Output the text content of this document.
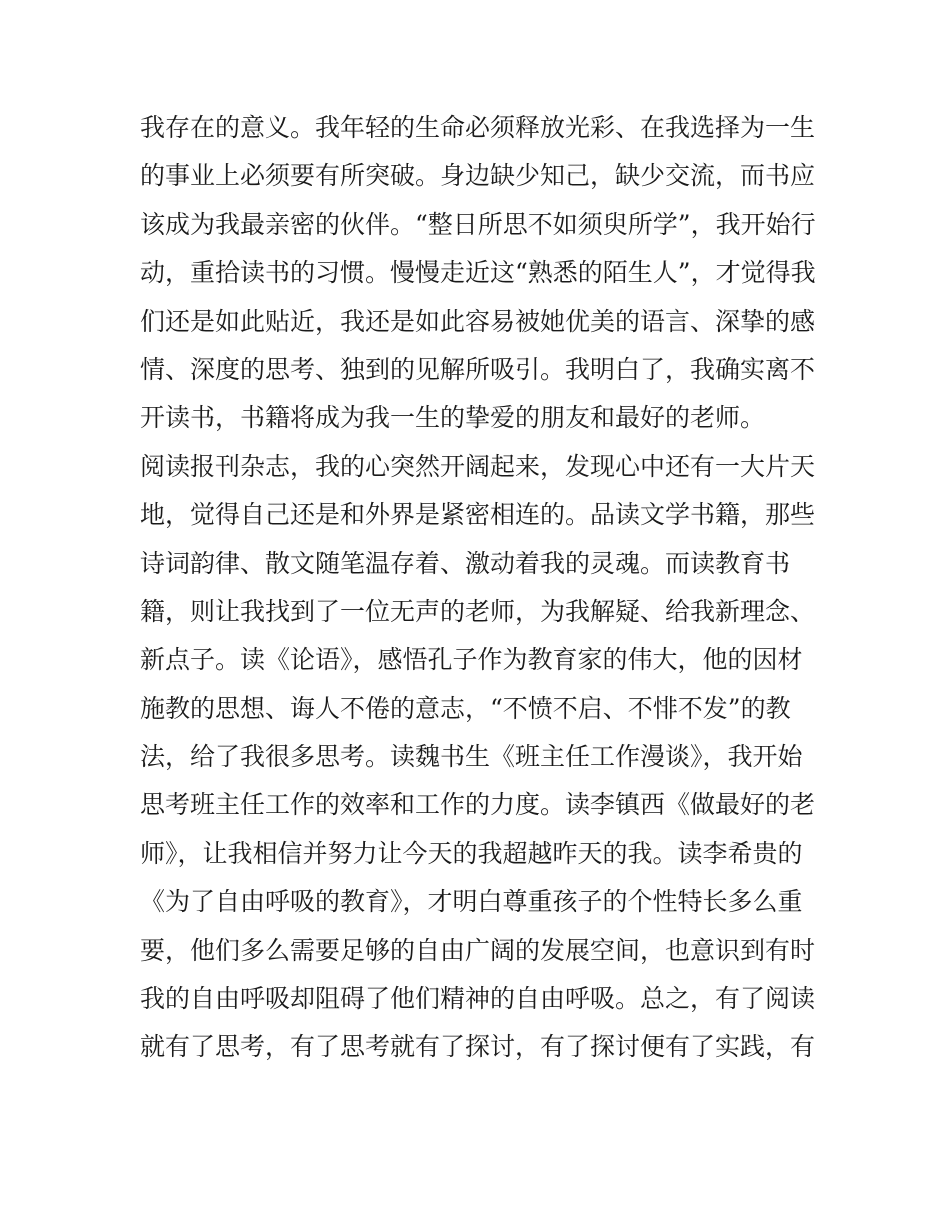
我存在的意义。我年轻的生命必须释放光彩、在我选择为一生
的事业上必须要有所突破。身边缺少知己，缺少交流，而书应
该成为我最亲密的伙伴。“整日所思不如须臾所学”，我开始行
动，重拾读书的习惯。慢慢走近这“熟悉的陌生人”，才觉得我
们还是如此贴近，我还是如此容易被她优美的语言、深挚的感
情、深度的思考、独到的见解所吸引。我明白了，我确实离不
开读书，书籍将成为我一生的挚爱的朋友和最好的老师。
阅读报刊杂志，我的心突然开阔起来，发现心中还有一大片天
地，觉得自己还是和外界是紧密相连的。品读文学书籍，那些
诗词韵律、散文随笔温存着、激动着我的灵魂。而读教育书
籍，则让我找到了一位无声的老师，为我解疑、给我新理念、
新点子。读《论语》，感悟孔子作为教育家的伟大，他的因材
施教的思想、诲人不倦的意志，“不愤不启、不悱不发”的教
法，给了我很多思考。读魏书生《班主任工作漫谈》，我开始
思考班主任工作的效率和工作的力度。读李镇西《做最好的老
师》，让我相信并努力让今天的我超越昨天的我。读李希贵的
《为了自由呼吸的教育》，才明白尊重孩子的个性特长多么重
要，他们多么需要足够的自由广阔的发展空间，也意识到有时
我的自由呼吸却阻碍了他们精神的自由呼吸。总之，有了阅读
就有了思考，有了思考就有了探讨，有了探讨便有了实践，有
